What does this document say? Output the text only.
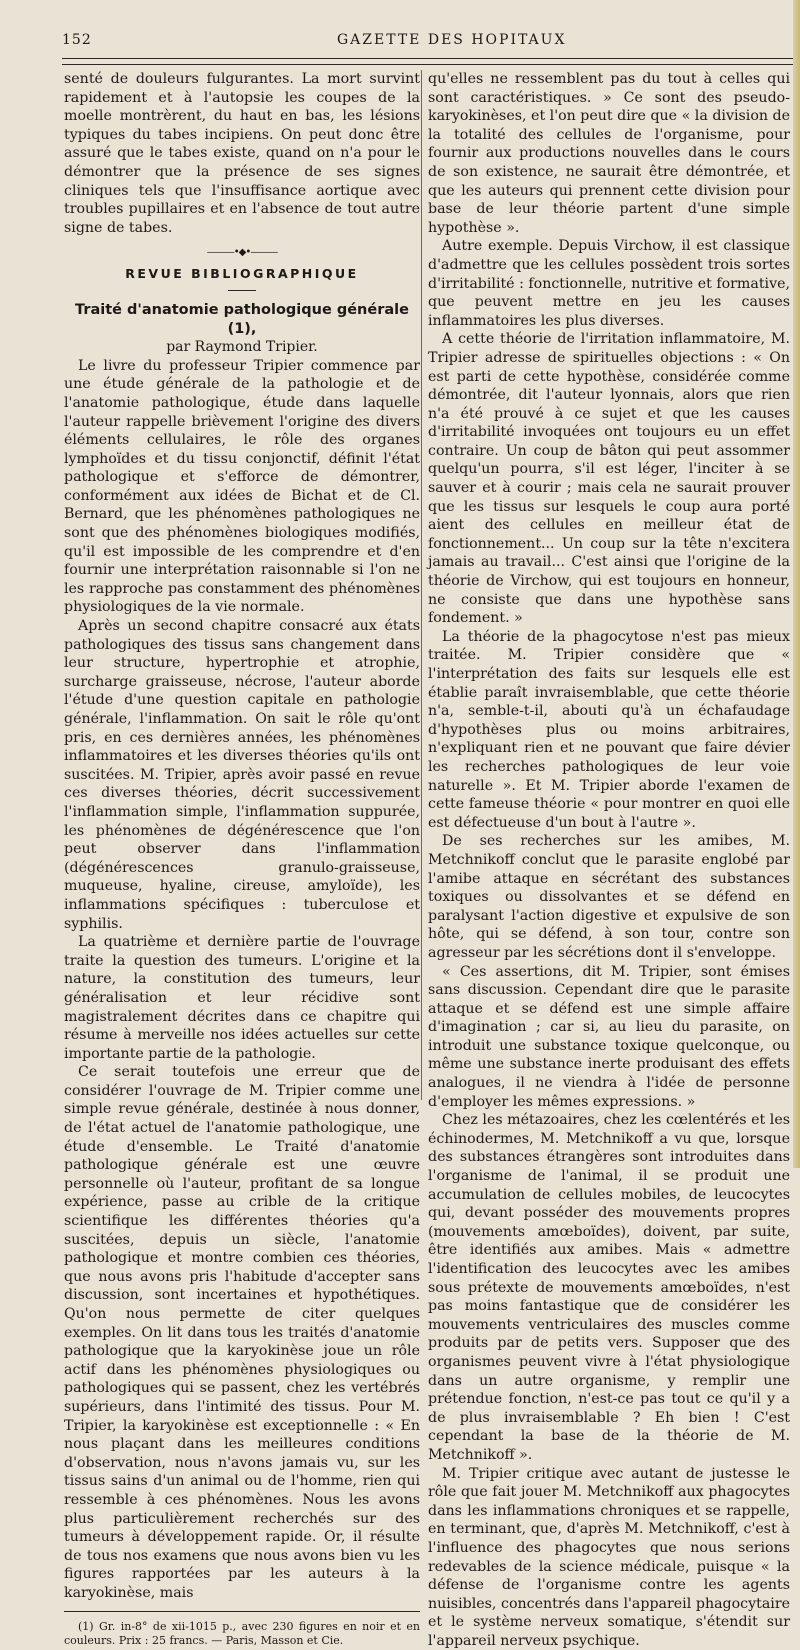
152	GAZETTE DES HOPITAUX

senté de douleurs fulgurantes. La mort survint rapidement et à l'autopsie les coupes de la moelle montrèrent, du haut en bas, les lésions typiques du tabes incipiens. On peut donc être assuré que le tabes existe, quand on n'a pour le démontrer que la présence de ses signes cliniques tels que l'insuffisance aortique avec troubles pupillaires et en l'absence de tout autre signe de tabes.

———•◆•———
REVUE BIBLIOGRAPHIQUE

Traité d'anatomie pathologique générale (1),

par Raymond Tripier.

Le livre du professeur Tripier commence par une étude générale de la pathologie et de l'anatomie pathologique, étude dans laquelle l'auteur rappelle brièvement l'origine des divers éléments cellulaires, le rôle des organes lymphoïdes et du tissu conjonctif, définit l'état pathologique et s'efforce de démontrer, conformément aux idées de Bichat et de Cl. Bernard, que les phénomènes pathologiques ne sont que des phénomènes biologiques modifiés, qu'il est impossible de les comprendre et d'en fournir une interprétation raisonnable si l'on ne les rapproche pas constamment des phénomènes physiologiques de la vie normale.

Après un second chapitre consacré aux états pathologiques des tissus sans changement dans leur structure, hypertrophie et atrophie, surcharge graisseuse, nécrose, l'auteur aborde l'étude d'une question capitale en pathologie générale, l'inflammation. On sait le rôle qu'ont pris, en ces dernières années, les phénomènes inflammatoires et les diverses théories qu'ils ont suscitées. M. Tripier, après avoir passé en revue ces diverses théories, décrit successivement l'inflammation simple, l'inflammation suppurée, les phénomènes de dégénérescence que l'on peut observer dans l'inflammation (dégénérescences granulo-graisseuse, muqueuse, hyaline, cireuse, amyloïde), les inflammations spécifiques : tuberculose et syphilis.

La quatrième et dernière partie de l'ouvrage traite la question des tumeurs. L'origine et la nature, la constitution des tumeurs, leur généralisation et leur récidive sont magistralement décrites dans ce chapitre qui résume à merveille nos idées actuelles sur cette importante partie de la pathologie.

Ce serait toutefois une erreur que de considérer l'ouvrage de M. Tripier comme une simple revue générale, destinée à nous donner, de l'état actuel de l'anatomie pathologique, une étude d'ensemble. Le Traité d'anatomie pathologique générale est une œuvre personnelle où l'auteur, profitant de sa longue expérience, passe au crible de la critique scientifique les différentes théories qu'a suscitées, depuis un siècle, l'anatomie pathologique et montre combien ces théories, que nous avons pris l'habitude d'accepter sans discussion, sont incertaines et hypothétiques. Qu'on nous permette de citer quelques exemples. On lit dans tous les traités d'anatomie pathologique que la karyokinèse joue un rôle actif dans les phénomènes physiologiques ou pathologiques qui se passent, chez les vertébrés supérieurs, dans l'intimité des tissus. Pour M. Tripier, la karyokinèse est exceptionnelle : « En nous plaçant dans les meilleures conditions d'observation, nous n'avons jamais vu, sur les tissus sains d'un animal ou de l'homme, rien qui ressemble à ces phénomènes. Nous les avons plus particulièrement recherchés sur des tumeurs à développement rapide. Or, il résulte de tous nos examens que nous avons bien vu les figures rapportées par les auteurs à la karyokinèse, mais

(1) Gr. in-8° de xii-1015 p., avec 230 figures en noir et en couleurs. Prix : 25 francs. — Paris, Masson et Cie.

qu'elles ne ressemblent pas du tout à celles qui sont caractéristiques. » Ce sont des pseudo-karyokinèses, et l'on peut dire que « la division de la totalité des cellules de l'organisme, pour fournir aux productions nouvelles dans le cours de son existence, ne saurait être démontrée, et que les auteurs qui prennent cette division pour base de leur théorie partent d'une simple hypothèse ».

Autre exemple. Depuis Virchow, il est classique d'admettre que les cellules possèdent trois sortes d'irritabilité : fonctionnelle, nutritive et formative, que peuvent mettre en jeu les causes inflammatoires les plus diverses.

A cette théorie de l'irritation inflammatoire, M. Tripier adresse de spirituelles objections : « On est parti de cette hypothèse, considérée comme démontrée, dit l'auteur lyonnais, alors que rien n'a été prouvé à ce sujet et que les causes d'irritabilité invoquées ont toujours eu un effet contraire. Un coup de bâton qui peut assommer quelqu'un pourra, s'il est léger, l'inciter à se sauver et à courir ; mais cela ne saurait prouver que les tissus sur lesquels le coup aura porté aient des cellules en meilleur état de fonctionnement... Un coup sur la tête n'excitera jamais au travail... C'est ainsi que l'origine de la théorie de Virchow, qui est toujours en honneur, ne consiste que dans une hypothèse sans fondement. »

La théorie de la phagocytose n'est pas mieux traitée. M. Tripier considère que « l'interprétation des faits sur lesquels elle est établie paraît invraisemblable, que cette théorie n'a, semble-t-il, abouti qu'à un échafaudage d'hypothèses plus ou moins arbitraires, n'expliquant rien et ne pouvant que faire dévier les recherches pathologiques de leur voie naturelle ». Et M. Tripier aborde l'examen de cette fameuse théorie « pour montrer en quoi elle est défectueuse d'un bout à l'autre ».

De ses recherches sur les amibes, M. Metchnikoff conclut que le parasite englobé par l'amibe attaque en sécrétant des substances toxiques ou dissolvantes et se défend en paralysant l'action digestive et expulsive de son hôte, qui se défend, à son tour, contre son agresseur par les sécrétions dont il s'enveloppe.

« Ces assertions, dit M. Tripier, sont émises sans discussion. Cependant dire que le parasite attaque et se défend est une simple affaire d'imagination ; car si, au lieu du parasite, on introduit une substance toxique quelconque, ou même une substance inerte produisant des effets analogues, il ne viendra à l'idée de personne d'employer les mêmes expressions. »

Chez les métazoaires, chez les cœlentérés et les échinodermes, M. Metchnikoff a vu que, lorsque des substances étrangères sont introduites dans l'organisme de l'animal, il se produit une accumulation de cellules mobiles, de leucocytes qui, devant posséder des mouvements propres (mouvements amœboïdes), doivent, par suite, être identifiés aux amibes. Mais « admettre l'identification des leucocytes avec les amibes sous prétexte de mouvements amœboïdes, n'est pas moins fantastique que de considérer les mouvements ventriculaires des muscles comme produits par de petits vers. Supposer que des organismes peuvent vivre à l'état physiologique dans un autre organisme, y remplir une prétendue fonction, n'est-ce pas tout ce qu'il y a de plus invraisemblable ? Eh bien ! C'est cependant la base de la théorie de M. Metchnikoff ».

M. Tripier critique avec autant de justesse le rôle que fait jouer M. Metchnikoff aux phagocytes dans les inflammations chroniques et se rappelle, en terminant, que, d'après M. Metchnikoff, c'est à l'influence des phagocytes que nous serions redevables de la science médicale, puisque « la défense de l'organisme contre les agents nuisibles, concentrés dans l'appareil phagocytaire et le système nerveux somatique, s'étendit sur l'appareil nerveux psychique.
